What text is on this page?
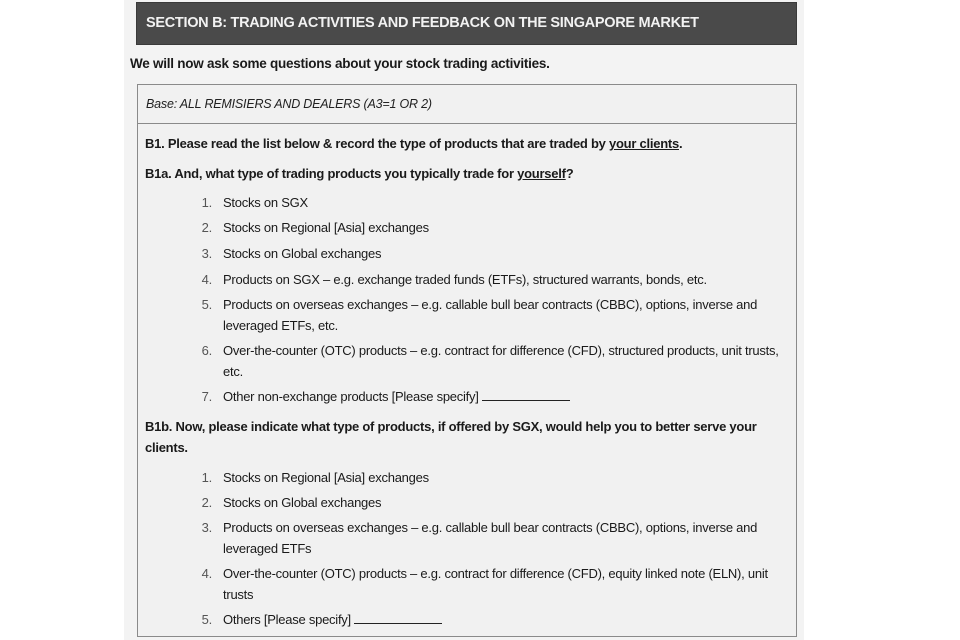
SECTION B: TRADING ACTIVITIES AND FEEDBACK ON THE SINGAPORE MARKET
We will now ask some questions about your stock trading activities.
Base: ALL REMISIERS AND DEALERS (A3=1 OR 2)
B1. Please read the list below & record the type of products that are traded by your clients.
B1a. And, what type of trading products you typically trade for yourself?
1. Stocks on SGX
2. Stocks on Regional [Asia] exchanges
3. Stocks on Global exchanges
4. Products on SGX – e.g. exchange traded funds (ETFs), structured warrants, bonds, etc.
5. Products on overseas exchanges – e.g. callable bull bear contracts (CBBC), options, inverse and leveraged ETFs, etc.
6. Over-the-counter (OTC) products – e.g. contract for difference (CFD), structured products, unit trusts, etc.
7. Other non-exchange products [Please specify]
B1b. Now, please indicate what type of products, if offered by SGX, would help you to better serve your clients.
1. Stocks on Regional [Asia] exchanges
2. Stocks on Global exchanges
3. Products on overseas exchanges – e.g. callable bull bear contracts (CBBC), options, inverse and leveraged ETFs
4. Over-the-counter (OTC) products – e.g. contract for difference (CFD), equity linked note (ELN), unit trusts
5. Others [Please specify]
